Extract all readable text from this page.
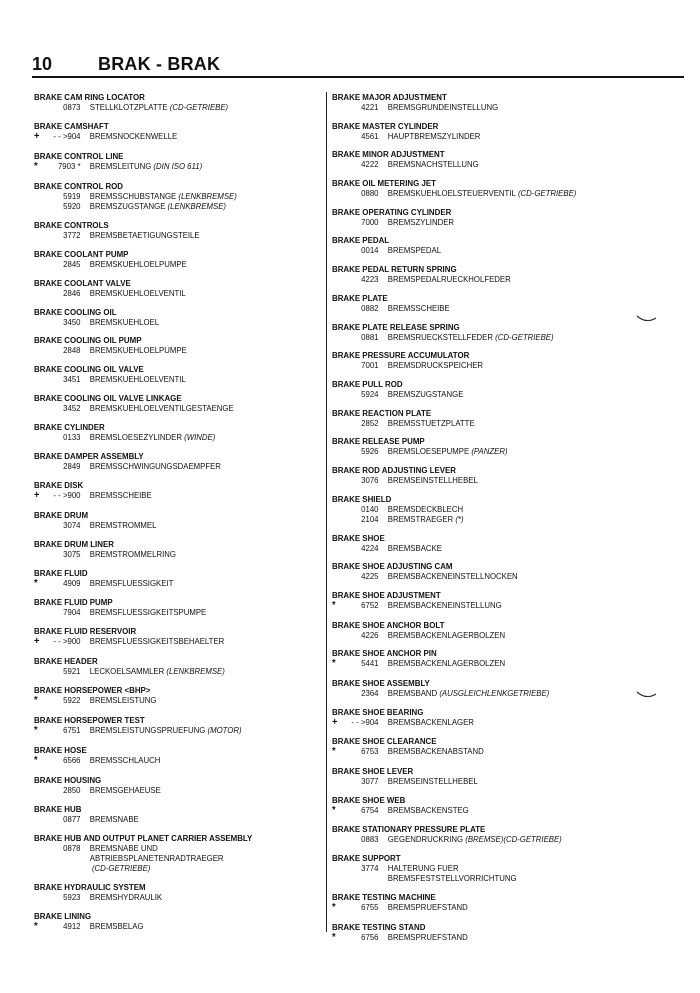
10	BRAK - BRAK
BRAKE CAM RING LOCATOR
0873	STELLKLOTZPLATTE
(CD-GETRIEBE)
BRAKE CAMSHAFT
+	- - >904	BREMSNOCKENWELLE
BRAKE CONTROL LINE
*	7903 *	BREMSLEITUNG
(DIN ISO 611)
BRAKE CONTROL ROD
5919	BREMSSCHUBSTANGE
(LENKBREMSE)
5920	BREMSZUGSTANGE
(LENKBREMSE)
BRAKE CONTROLS
3772	BREMSBETAETIGUNGSTEILE
BRAKE COOLANT PUMP
2845	BREMSKUEHLOELPUMPE
BRAKE COOLANT VALVE
2846	BREMSKUEHLOELVENTIL
BRAKE COOLING OIL
3450	BREMSKUEHLOEL
BRAKE COOLING OIL PUMP
2848	BREMSKUEHLOELPUMPE
BRAKE COOLING OIL VALVE
3451	BREMSKUEHLOELVENTIL
BRAKE COOLING OIL VALVE LINKAGE
3452	BREMSKUEHLOELVENTILGESTAENGE
BRAKE CYLINDER
0133	BREMSLOESEZYLINDER
(WINDE)
BRAKE DAMPER ASSEMBLY
2849	BREMSSCHWINGUNGSDAEMPFER
BRAKE DISK
+	- - >900	BREMSSCHEIBE
BRAKE DRUM
3074	BREMSTROMMEL
BRAKE DRUM LINER
3075	BREMSTROMMELRING
BRAKE FLUID
*	4909	BREMSFLUESSIGKEIT
BRAKE FLUID PUMP
7904	BREMSFLUESSIGKEITSPUMPE
BRAKE FLUID RESERVOIR
+	- - >900	BREMSFLUESSIGKEITSBEHAELTER
BRAKE HEADER
5921	LECKOELSAMMLER
(LENKBREMSE)
BRAKE HORSEPOWER <BHP>
*	5922	BREMSLEISTUNG
BRAKE HORSEPOWER TEST
*	6751	BREMSLEISTUNGSPRUEFUNG
(MOTOR)
BRAKE HOSE
*	6566	BREMSSCHLAUCH
BRAKE HOUSING
2850	BREMSGEHAEUSE
BRAKE HUB
0877	BREMSNABE
BRAKE HUB AND OUTPUT PLANET CARRIER ASSEMBLY
0878	BREMSNABE UND
ABTRIEBSPLANETENRADTRAEGER

(CD-GETRIEBE)
BRAKE HYDRAULIC SYSTEM
5923	BREMSHYDRAULIK
BRAKE LINING
*	4912	BREMSBELAG
BRAKE MAJOR ADJUSTMENT
4221	BREMSGRUNDEINSTELLUNG
BRAKE MASTER CYLINDER
4561	HAUPTBREMSZYLINDER
BRAKE MINOR ADJUSTMENT
4222	BREMSNACHSTELLUNG
BRAKE OIL METERING JET
0880	BREMSKUEHLOELSTEUERVENTIL
(CD-GETRIEBE)
BRAKE OPERATING CYLINDER
7000	BREMSZYLINDER
BRAKE PEDAL
0014	BREMSPEDAL
BRAKE PEDAL RETURN SPRING
4223	BREMSPEDALRUECKHOLFEDER
BRAKE PLATE
0882	BREMSSCHEIBE
BRAKE PLATE RELEASE SPRING
0881	BREMSRUECKSTELLFEDER
(CD-GETRIEBE)
BRAKE PRESSURE ACCUMULATOR
7001	BREMSDRUCKSPEICHER
BRAKE PULL ROD
5924	BREMSZUGSTANGE
BRAKE REACTION PLATE
2852	BREMSSTUETZPLATTE
BRAKE RELEASE PUMP
5926	BREMSLOESEPUMPE
(PANZER)
BRAKE ROD ADJUSTING LEVER
3076	BREMSEINSTELLHEBEL
BRAKE SHIELD
0140	BREMSDECKBLECH
2104	BREMSTRAEGER
(*)
BRAKE SHOE
4224	BREMSBACKE
BRAKE SHOE ADJUSTING CAM
4225	BREMSBACKENEINSTELLNOCKEN
BRAKE SHOE ADJUSTMENT
*	6752	BREMSBACKENEINSTELLUNG
BRAKE SHOE ANCHOR BOLT
4226	BREMSBACKENLAGERBOLZEN
BRAKE SHOE ANCHOR PIN
*	5441	BREMSBACKENLAGERBOLZEN
BRAKE SHOE ASSEMBLY
2364	BREMSBAND
(AUSGLEICHLENKGETRIEBE)
BRAKE SHOE BEARING
+	- - >904	BREMSBACKENLAGER
BRAKE SHOE CLEARANCE
*	6753	BREMSBACKENABSTAND
BRAKE SHOE LEVER
3077	BREMSEINSTELLHEBEL
BRAKE SHOE WEB
*	6754	BREMSBACKENSTEG
BRAKE STATIONARY PRESSURE PLATE
0883	GEGENDRUCKRING
(BREMSE)(CD-GETRIEBE)
BRAKE SUPPORT
3774	HALTERUNG FUER
BREMSFESTSTELLVORRICHTUNG
BRAKE TESTING MACHINE
*	6755	BREMSPRUEFSTAND
BRAKE TESTING STAND
*	6756	BREMSPRUEFSTAND
